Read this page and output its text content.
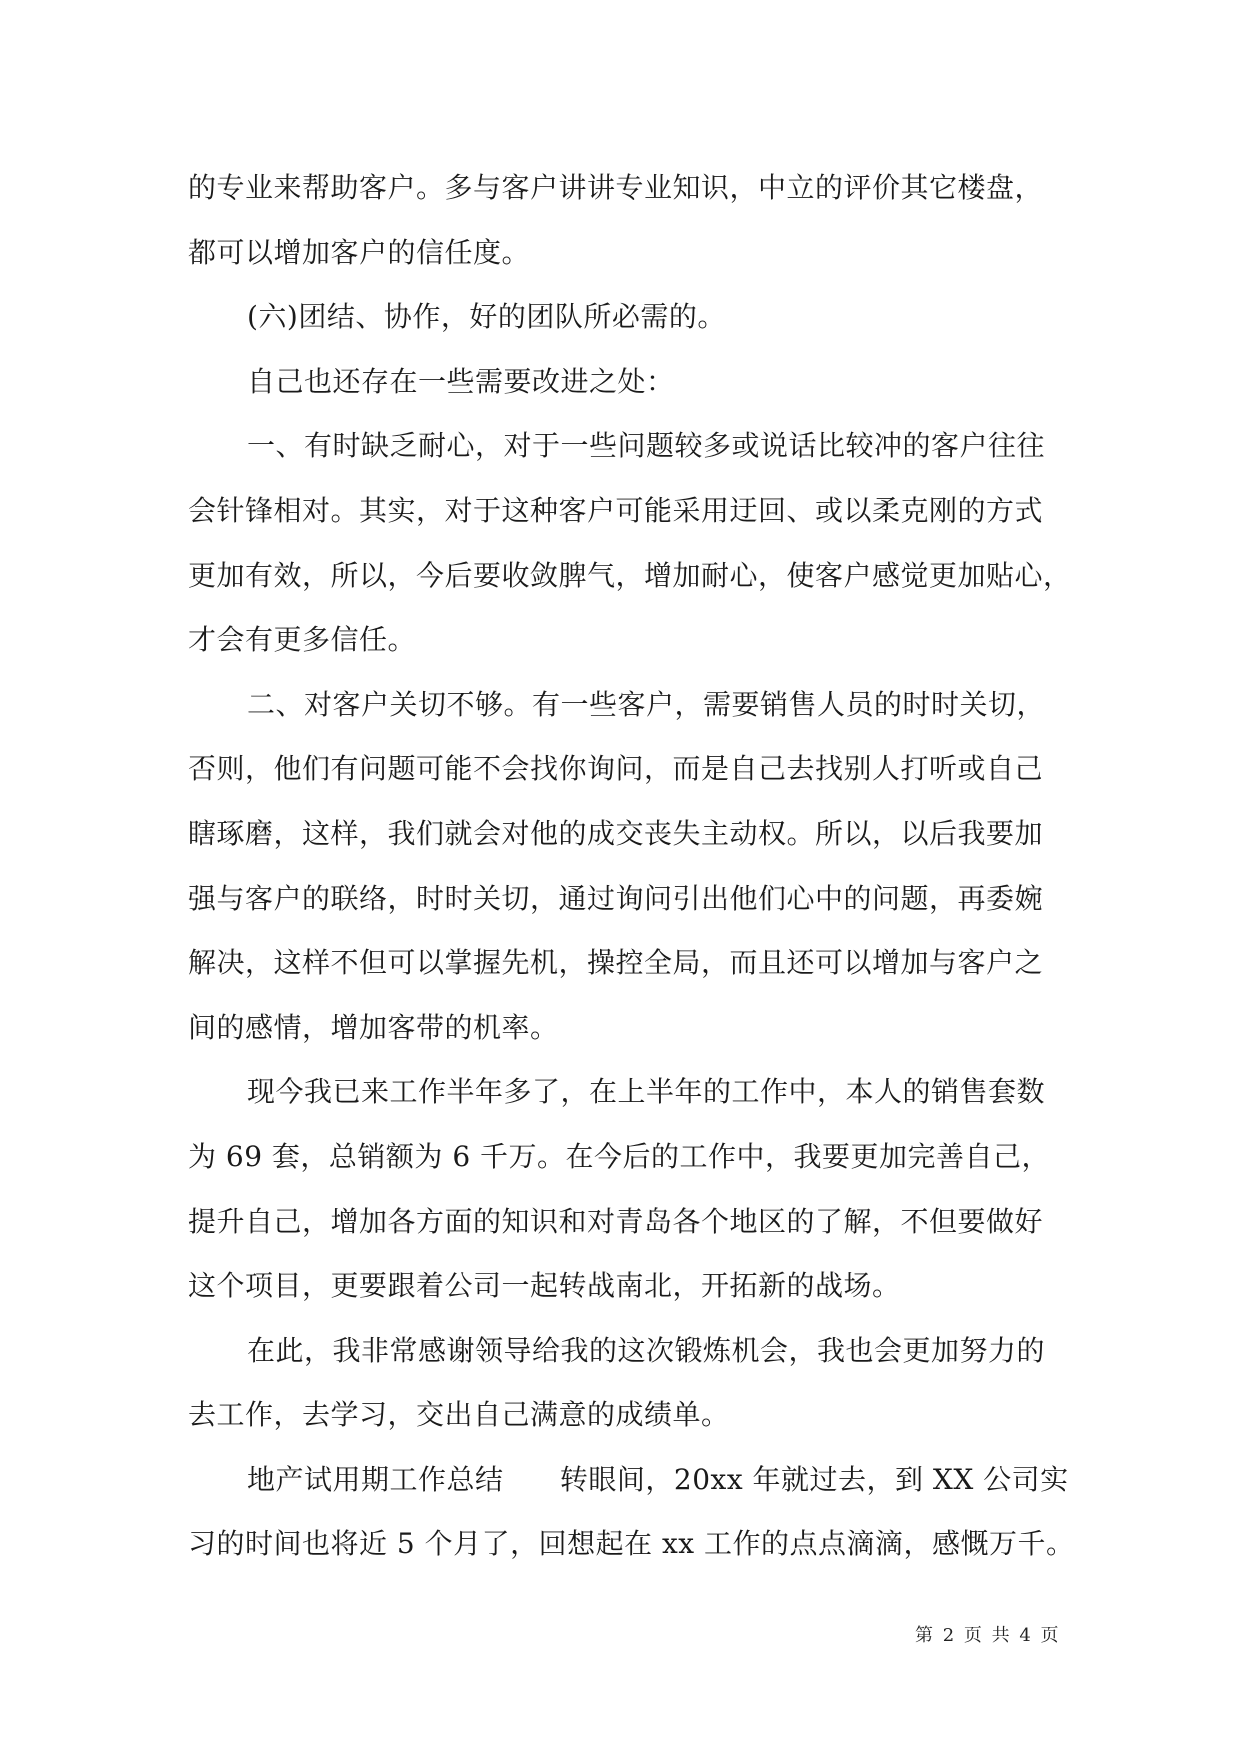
的专业来帮助客户。多与客户讲讲专业知识，中立的评价其它楼盘，
都可以增加客户的信任度。
(六)团结、协作，好的团队所必需的。
自己也还存在一些需要改进之处：
一、有时缺乏耐心，对于一些问题较多或说话比较冲的客户往往
会针锋相对。其实，对于这种客户可能采用迂回、或以柔克刚的方式
更加有效，所以，今后要收敛脾气，增加耐心，使客户感觉更加贴心，
才会有更多信任。
二、对客户关切不够。有一些客户，需要销售人员的时时关切，
否则，他们有问题可能不会找你询问，而是自己去找别人打听或自己
瞎琢磨，这样，我们就会对他的成交丧失主动权。所以，以后我要加
强与客户的联络，时时关切，通过询问引出他们心中的问题，再委婉
解决，这样不但可以掌握先机，操控全局，而且还可以增加与客户之
间的感情，增加客带的机率。
现今我已来工作半年多了，在上半年的工作中，本人的销售套数
为 69 套，总销额为 6 千万。在今后的工作中，我要更加完善自己，
提升自己，增加各方面的知识和对青岛各个地区的了解，不但要做好
这个项目，更要跟着公司一起转战南北，开拓新的战场。
在此，我非常感谢领导给我的这次锻炼机会，我也会更加努力的
去工作，去学习，交出自己满意的成绩单。
地产试用期工作总结      转眼间，20xx 年就过去，到 XX 公司实
习的时间也将近 5 个月了，回想起在 xx 工作的点点滴滴，感慨万千。
第 2 页 共 4 页
